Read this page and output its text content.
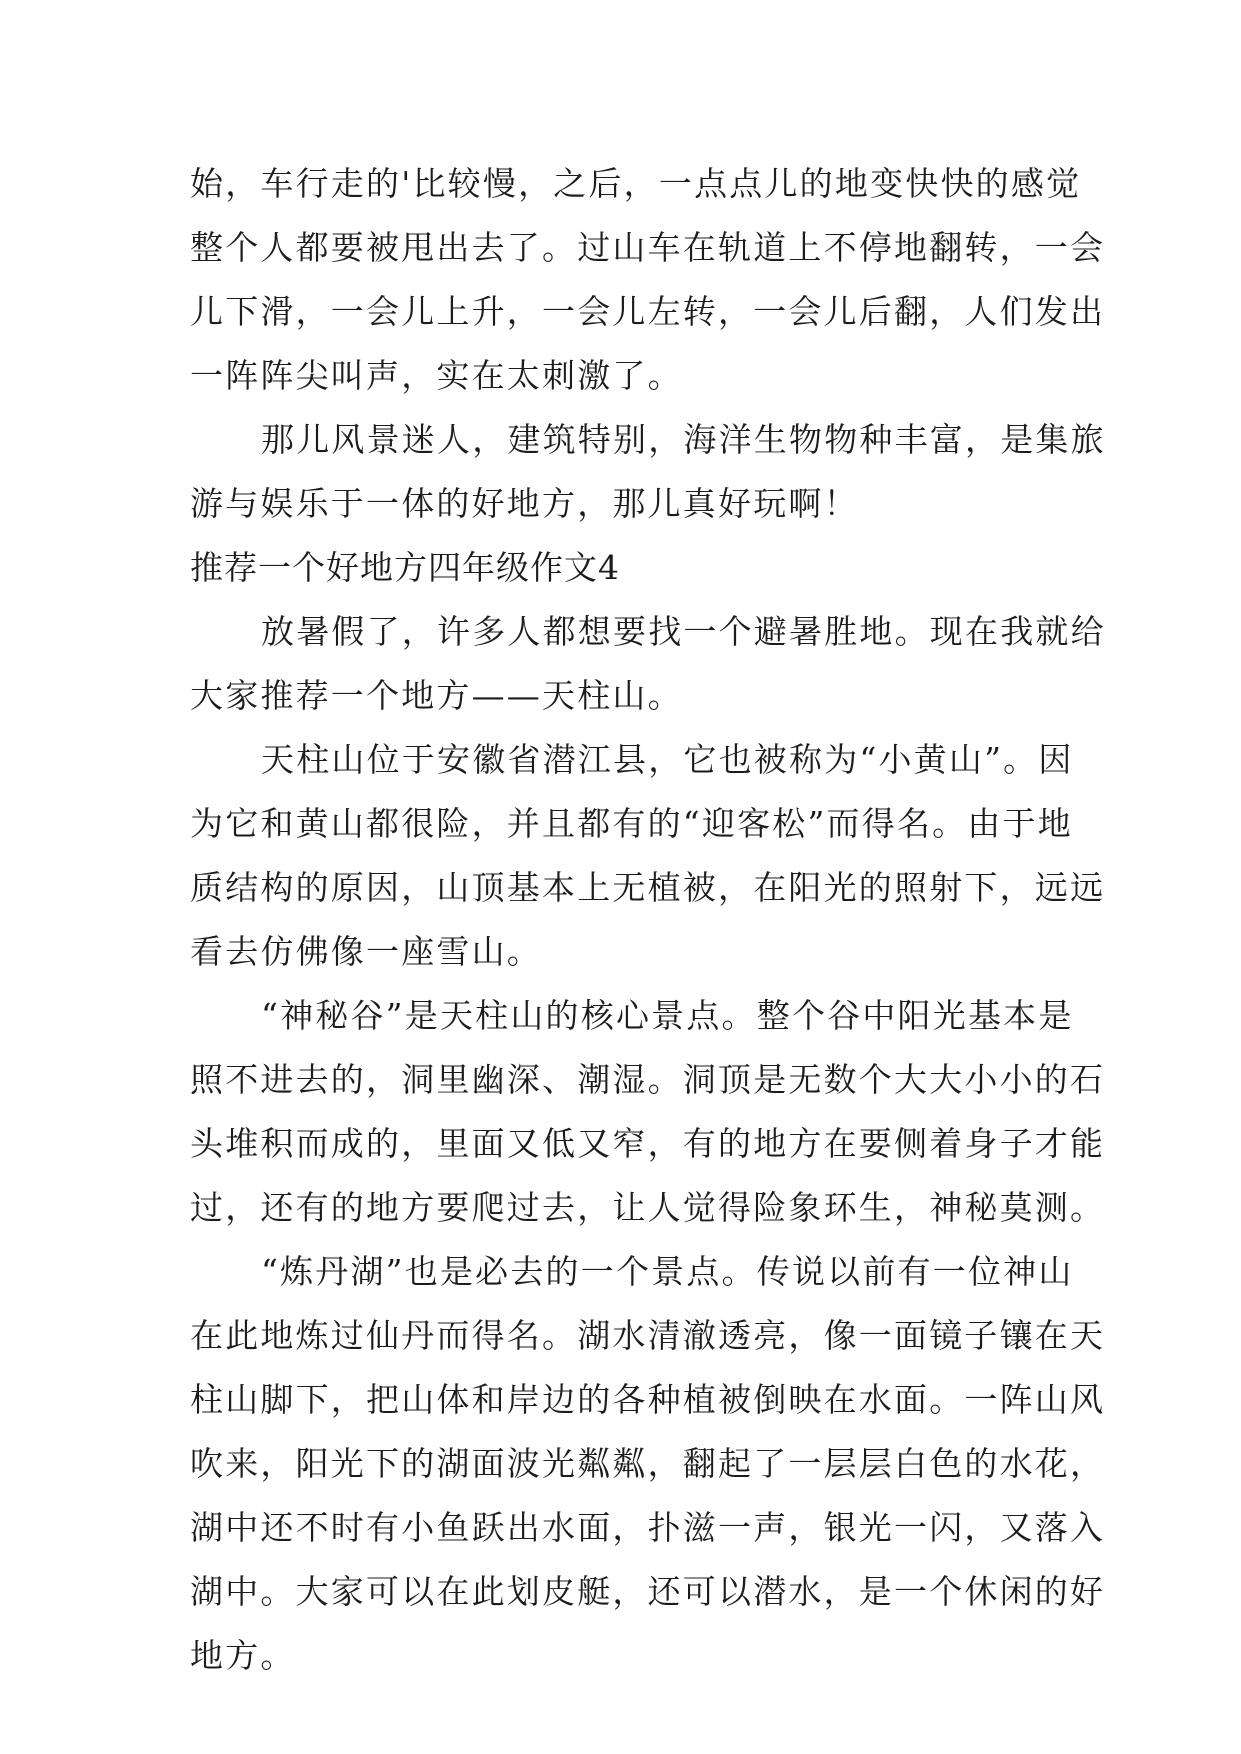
始，车行走的'比较慢，之后，一点点儿的地变快快的感觉
整个人都要被甩出去了。过山车在轨道上不停地翻转，一会
儿下滑，一会儿上升，一会儿左转，一会儿后翻，人们发出
一阵阵尖叫声，实在太刺激了。
那儿风景迷人，建筑特别，海洋生物物种丰富，是集旅
游与娱乐于一体的好地方，那儿真好玩啊！
推荐一个好地方四年级作文4
放暑假了，许多人都想要找一个避暑胜地。现在我就给
大家推荐一个地方——天柱山。
天柱山位于安徽省潜江县，它也被称为“小黄山”。因
为它和黄山都很险，并且都有的“迎客松”而得名。由于地
质结构的原因，山顶基本上无植被，在阳光的照射下，远远
看去仿佛像一座雪山。
“神秘谷”是天柱山的核心景点。整个谷中阳光基本是
照不进去的，洞里幽深、潮湿。洞顶是无数个大大小小的石
头堆积而成的，里面又低又窄，有的地方在要侧着身子才能
过，还有的地方要爬过去，让人觉得险象环生，神秘莫测。
“炼丹湖”也是必去的一个景点。传说以前有一位神山
在此地炼过仙丹而得名。湖水清澈透亮，像一面镜子镶在天
柱山脚下，把山体和岸边的各种植被倒映在水面。一阵山风
吹来，阳光下的湖面波光粼粼，翻起了一层层白色的水花，
湖中还不时有小鱼跃出水面，扑滋一声，银光一闪，又落入
湖中。大家可以在此划皮艇，还可以潜水，是一个休闲的好
地方。
